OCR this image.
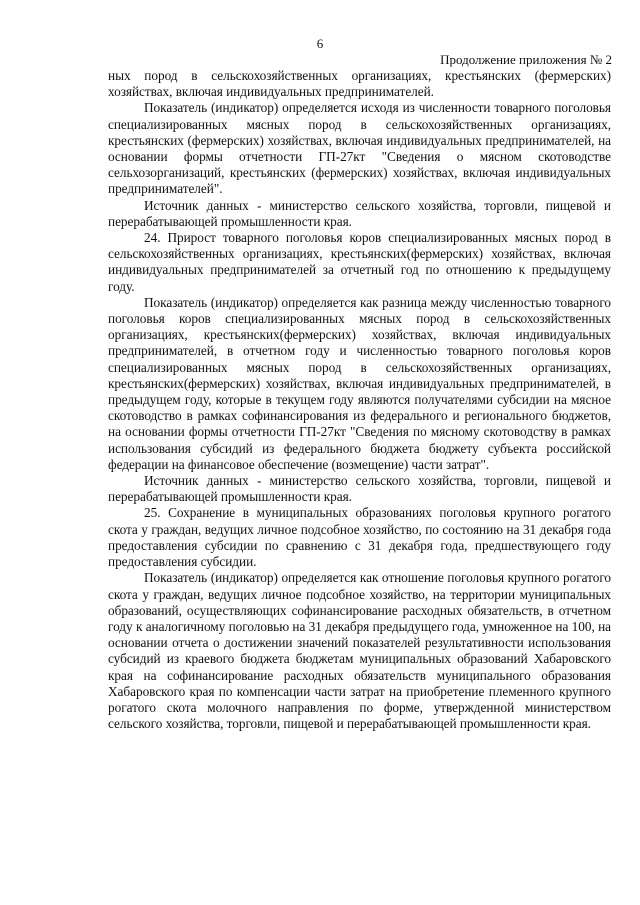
6
Продолжение приложения № 2

ных пород в сельскохозяйственных организациях, крестьянских (фермерских) хозяйствах, включая индивидуальных предпринимателей.

Показатель (индикатор) определяется исходя из численности товарного поголовья специализированных мясных пород в сельскохозяйственных организациях, крестьянских (фермерских) хозяйствах, включая индивидуальных предпринимателей, на основании формы отчетности ГП-27кт "Сведения о мясном скотоводстве сельхозорганизаций, крестьянских (фермерских) хозяйствах, включая индивидуальных предпринимателей".

Источник данных - министерство сельского хозяйства, торговли, пищевой и перерабатывающей промышленности края.

24. Прирост товарного поголовья коров специализированных мясных пород в сельскохозяйственных организациях, крестьянских(фермерских) хозяйствах, включая индивидуальных предпринимателей за отчетный год по отношению к предыдущему году.

Показатель (индикатор) определяется как разница между численностью товарного поголовья коров специализированных мясных пород в сельскохозяйственных организациях, крестьянских(фермерских) хозяйствах, включая индивидуальных предпринимателей, в отчетном году и численностью товарного поголовья коров специализированных мясных пород в сельскохозяйственных организациях, крестьянских(фермерских) хозяйствах, включая индивидуальных предпринимателей, в предыдущем году, которые в текущем году являются получателями субсидии на мясное скотоводство в рамках софинансирования из федерального и регионального бюджетов, на основании формы отчетности ГП-27кт "Сведения по мясному скотоводству в рамках использования субсидий из федерального бюджета бюджету субъекта российской федерации на финансовое обеспечение (возмещение) части затрат".

Источник данных - министерство сельского хозяйства, торговли, пищевой и перерабатывающей промышленности края.

25. Сохранение в муниципальных образованиях поголовья крупного рогатого скота у граждан, ведущих личное подсобное хозяйство, по состоянию на 31 декабря года предоставления субсидии по сравнению с 31 декабря года, предшествующего году предоставления субсидии.

Показатель (индикатор) определяется как отношение поголовья крупного рогатого скота у граждан, ведущих личное подсобное хозяйство, на территории муниципальных образований, осуществляющих софинансирование расходных обязательств, в отчетном году к аналогичному поголовью на 31 декабря предыдущего года, умноженное на 100, на основании отчета о достижении значений показателей результативности использования субсидий из краевого бюджета бюджетам муниципальных образований Хабаровского края на софинансирование расходных обязательств муниципального образования Хабаровского края по компенсации части затрат на приобретение племенного крупного рогатого скота молочного направления по форме, утвержденной министерством сельского хозяйства, торговли, пищевой и перерабатывающей промышленности края.
